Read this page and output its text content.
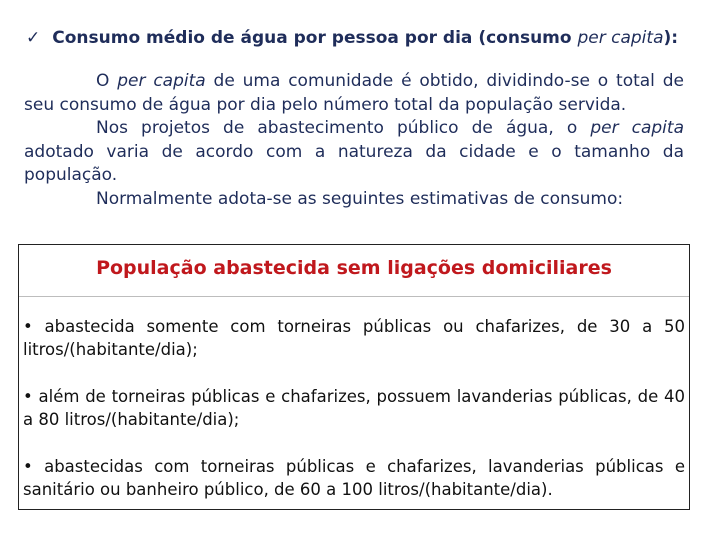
✓ Consumo médio de água por pessoa por dia (consumo per capita):

O per capita de uma comunidade é obtido, dividindo-se o total de seu consumo de água por dia pelo número total da população servida.

Nos projetos de abastecimento público de água, o per capita adotado varia de acordo com a natureza da cidade e o tamanho da população.

Normalmente adota-se as seguintes estimativas de consumo:

População abastecida sem ligações domiciliares

• abastecida somente com torneiras públicas ou chafarizes, de 30 a 50 litros/(habitante/dia);

• além de torneiras públicas e chafarizes, possuem lavanderias públicas, de 40 a 80 litros/(habitante/dia);

• abastecidas com torneiras públicas e chafarizes, lavanderias públicas e sanitário ou banheiro público, de 60 a 100 litros/(habitante/dia).
